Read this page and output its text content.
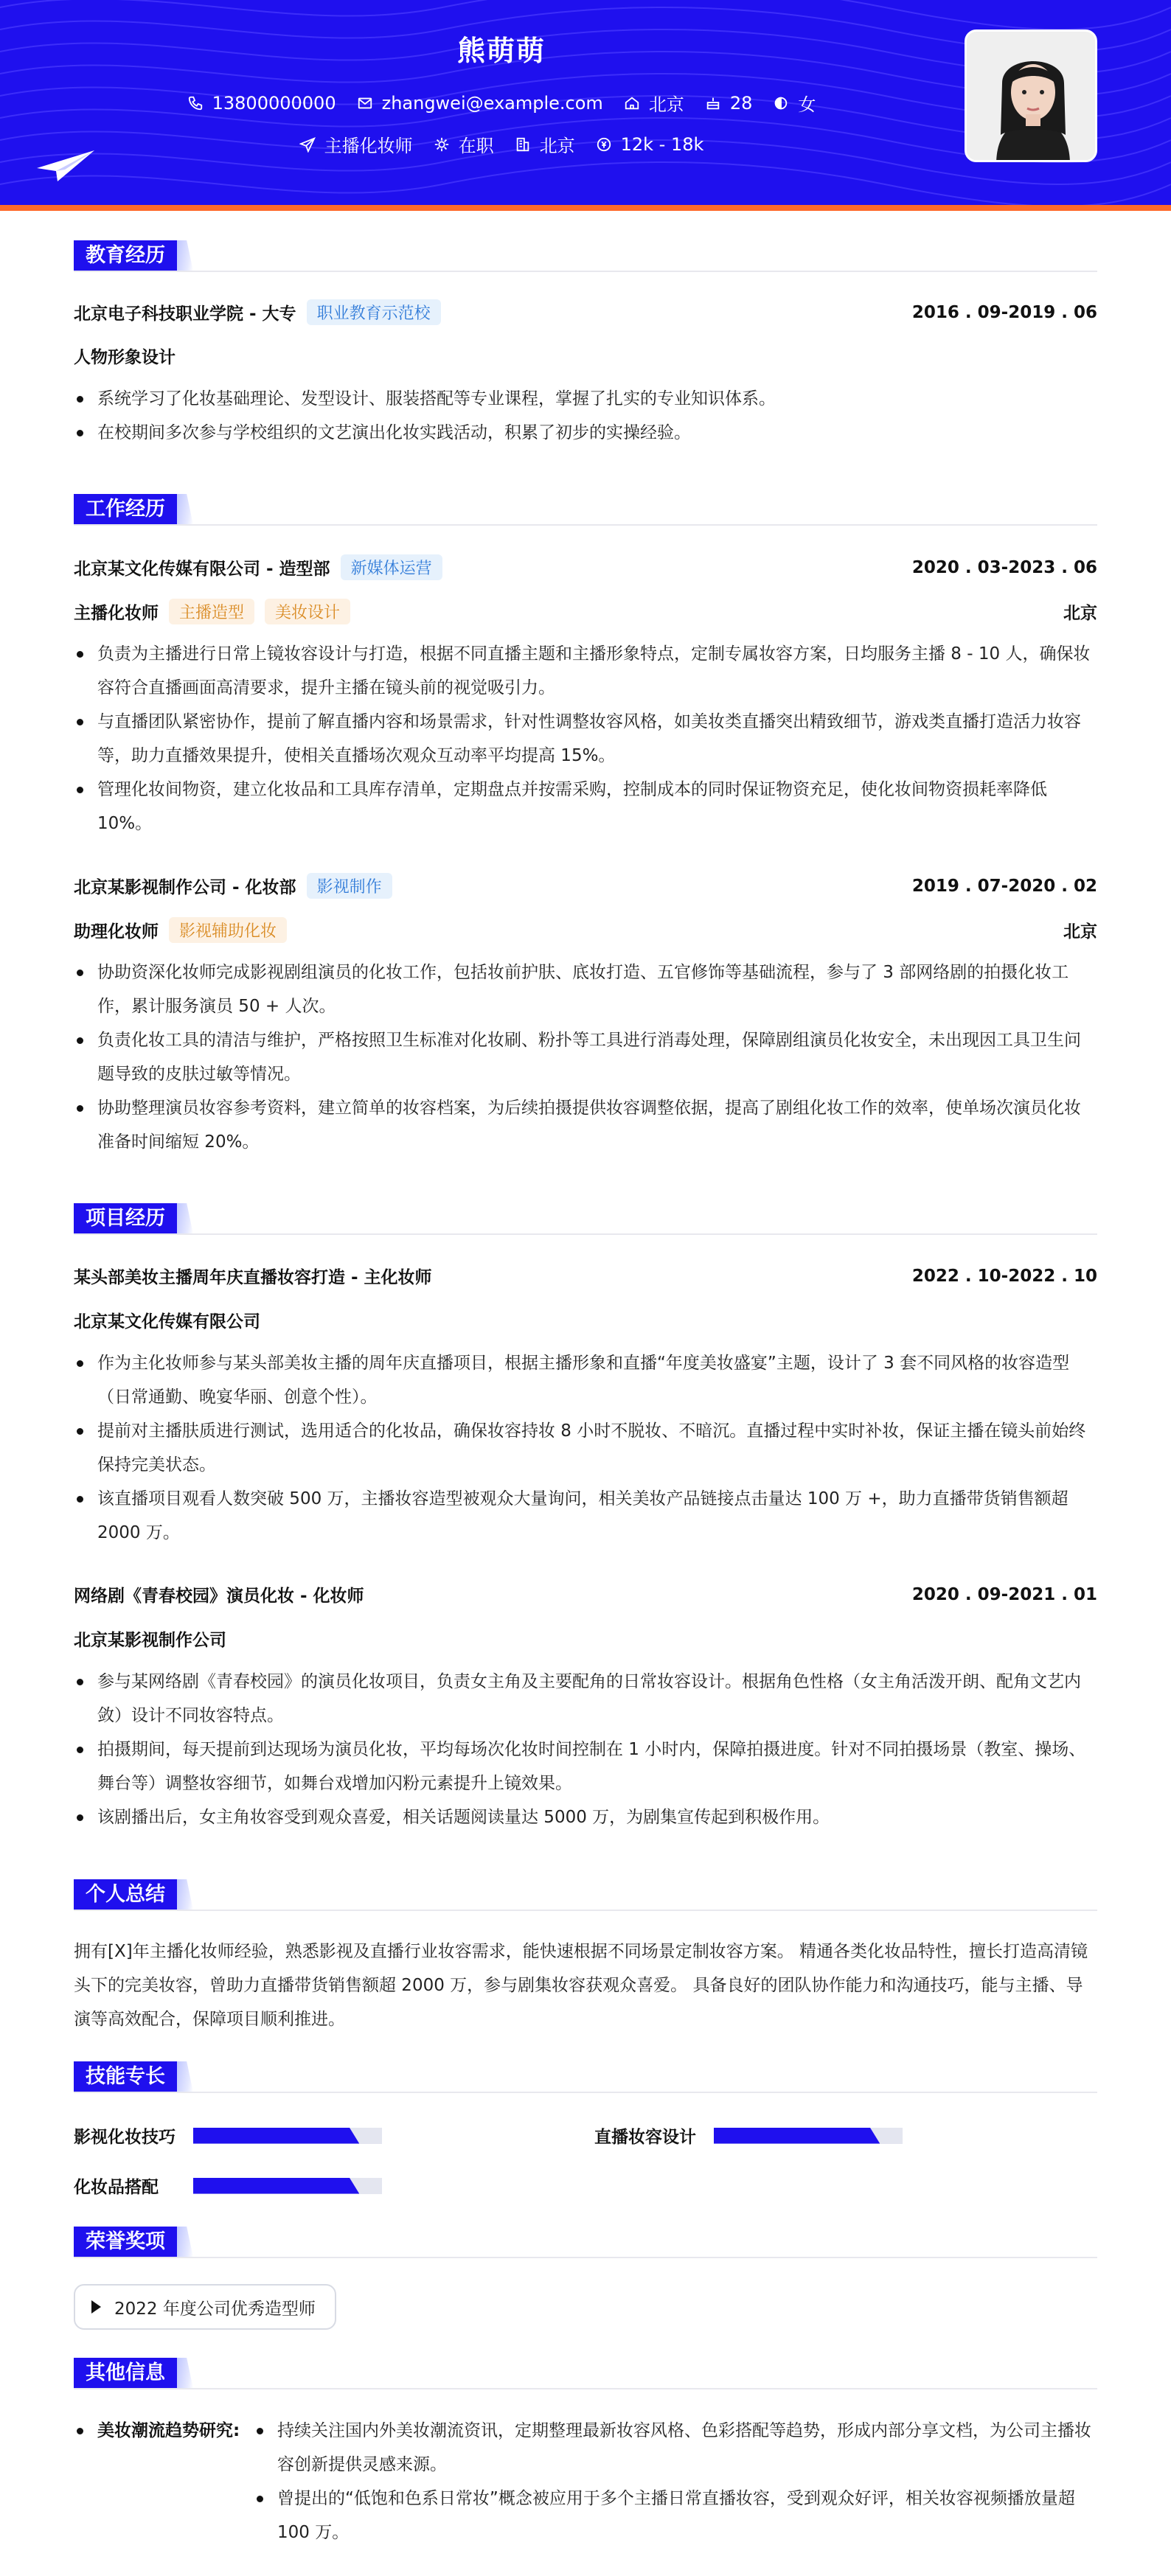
熊萌萌
13800000000	zhangwei@example.com	北京	28	女
主播化妆师	在职	北京	12k - 18k
教育经历
北京电子科技职业学院 - 大专	职业教育示范校	2016 . 09-2019 . 06
人物形象设计
系统学习了化妆基础理论、发型设计、服装搭配等专业课程，掌握了扎实的专业知识体系。
在校期间多次参与学校组织的文艺演出化妆实践活动，积累了初步的实操经验。
工作经历
北京某文化传媒有限公司 - 造型部	新媒体运营	2020 . 03-2023 . 06
主播化妆师	主播造型	美妆设计	北京
负责为主播进行日常上镜妆容设计与打造，根据不同直播主题和主播形象特点，定制专属妆容方案，日均服务主播 8 - 10 人，确保妆容符合直播画面高清要求，提升主播在镜头前的视觉吸引力。
与直播团队紧密协作，提前了解直播内容和场景需求，针对性调整妆容风格，如美妆类直播突出精致细节，游戏类直播打造活力妆容等，助力直播效果提升，使相关直播场次观众互动率平均提高 15%。
管理化妆间物资，建立化妆品和工具库存清单，定期盘点并按需采购，控制成本的同时保证物资充足，使化妆间物资损耗率降低 10%。
北京某影视制作公司 - 化妆部	影视制作	2019 . 07-2020 . 02
助理化妆师	影视辅助化妆	北京
协助资深化妆师完成影视剧组演员的化妆工作，包括妆前护肤、底妆打造、五官修饰等基础流程，参与了 3 部网络剧的拍摄化妆工作，累计服务演员 50 + 人次。
负责化妆工具的清洁与维护，严格按照卫生标准对化妆刷、粉扑等工具进行消毒处理，保障剧组演员化妆安全，未出现因工具卫生问题导致的皮肤过敏等情况。
协助整理演员妆容参考资料，建立简单的妆容档案，为后续拍摄提供妆容调整依据，提高了剧组化妆工作的效率，使单场次演员化妆准备时间缩短 20%。
项目经历
某头部美妆主播周年庆直播妆容打造 - 主化妆师	2022 . 10-2022 . 10
北京某文化传媒有限公司
作为主化妆师参与某头部美妆主播的周年庆直播项目，根据主播形象和直播“年度美妆盛宴”主题，设计了 3 套不同风格的妆容造型（日常通勤、晚宴华丽、创意个性）。
提前对主播肤质进行测试，选用适合的化妆品，确保妆容持妆 8 小时不脱妆、不暗沉。直播过程中实时补妆，保证主播在镜头前始终保持完美状态。
该直播项目观看人数突破 500 万，主播妆容造型被观众大量询问，相关美妆产品链接点击量达 100 万 +，助力直播带货销售额超 2000 万。
网络剧《青春校园》演员化妆 - 化妆师	2020 . 09-2021 . 01
北京某影视制作公司
参与某网络剧《青春校园》的演员化妆项目，负责女主角及主要配角的日常妆容设计。根据角色性格（女主角活泼开朗、配角文艺内敛）设计不同妆容特点。
拍摄期间，每天提前到达现场为演员化妆，平均每场次化妆时间控制在 1 小时内，保障拍摄进度。针对不同拍摄场景（教室、操场、舞台等）调整妆容细节，如舞台戏增加闪粉元素提升上镜效果。
该剧播出后，女主角妆容受到观众喜爱，相关话题阅读量达 5000 万，为剧集宣传起到积极作用。
个人总结
拥有[X]年主播化妆师经验，熟悉影视及直播行业妆容需求，能快速根据不同场景定制妆容方案。 精通各类化妆品特性，擅长打造高清镜头下的完美妆容，曾助力直播带货销售额超 2000 万，参与剧集妆容获观众喜爱。 具备良好的团队协作能力和沟通技巧，能与主播、导演等高效配合，保障项目顺利推进。
技能专长
影视化妆技巧	直播妆容设计
化妆品搭配
荣誉奖项
2022 年度公司优秀造型师
其他信息
美妆潮流趋势研究:	持续关注国内外美妆潮流资讯，定期整理最新妆容风格、色彩搭配等趋势，形成内部分享文档，为公司主播妆容创新提供灵感来源。
曾提出的“低饱和色系日常妆”概念被应用于多个主播日常直播妆容，受到观众好评，相关妆容视频播放量超 100 万。
